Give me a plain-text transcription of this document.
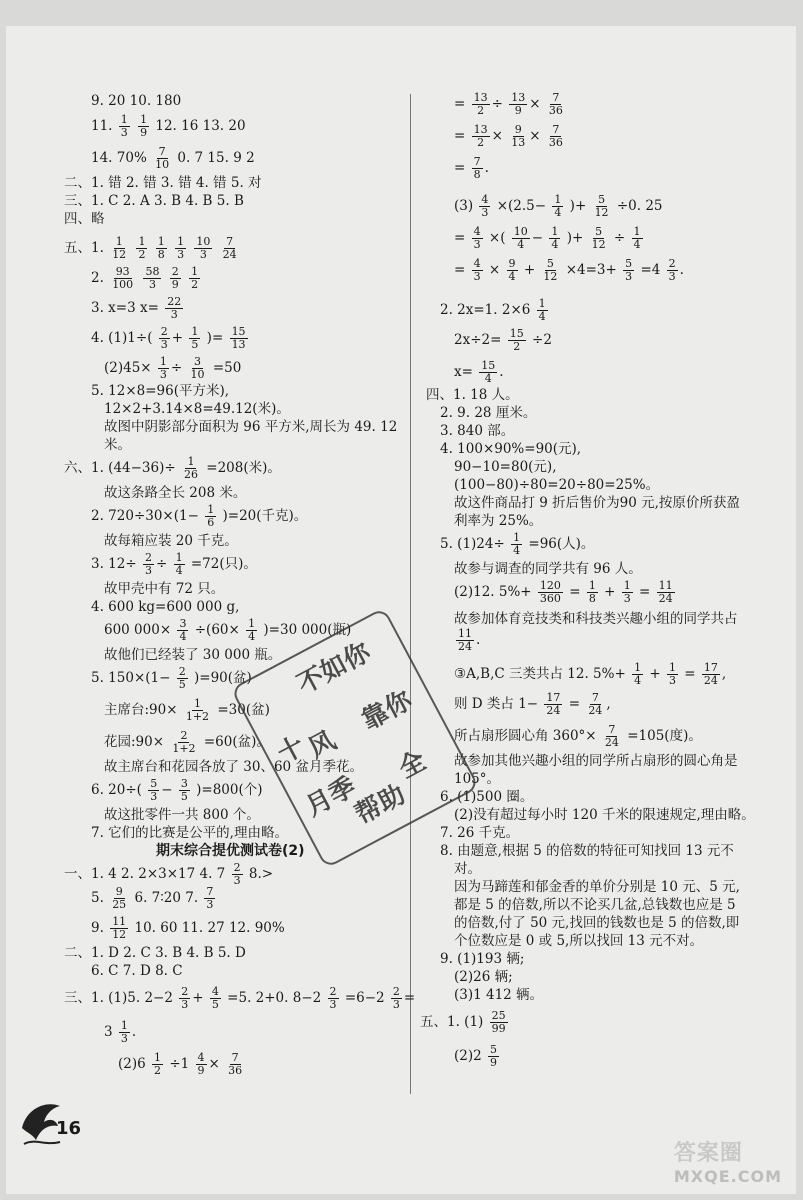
9. 20 10. 180
11. $\frac{1}{3}$
$\frac{1}{9} 12$. 16 13. 20
14. $70\% \frac{7}{10} 0$. 7 15. 9 2
二、1. 错 2. 错 3. 错 4. 错 5. 对
三、1. C 2. A 3. B 4. B 5. B
四、略
五、1. $\frac{1}{12}$
$\frac{1}{2}$
$\frac{1}{8}$
$\frac{1}{3}$
$\frac{10}{3}$
$\frac{7}{24}$
2. $\frac{93}{100}$
$\frac{58}{3}$
$\frac{2}{9}$
$\frac{1}{2}$
3. x=3 $x= \frac{22}{3}$
4. $(1)1\div( \frac{2}{3} + \frac{1}{5}$ )= $\frac{15}{13}$
$(2)45\times \frac{1}{3} \div \frac{3}{10} =50$
5. 12×8=96(平方米),
12×2+3.14×8=49.12(米)。
故图中阴影部分面积为 96 平方米,周长为 49. 12
米。
六、1. $(44-36)\div \frac{1}{26} =208$(米)。
故这条路全长 208 米。
2. $720\div 30\times(1- \frac{1}{6} )=20$(千克)。
故每箱应装 20 千克。
3. $12\div \frac{2}{3} \div \frac{1}{4} =72$(只)。
故甲壳中有 72 只。
4. 600 kg=600 000 g,
600 $000\times \frac{3}{4} \div(60\times \frac{1}{4} )=30$ 000(瓶)
故他们已经装了 30 000 瓶。
5. $150\times(1- \frac{2}{5} )=90$(盆)
主席台:90× $\frac{1}{1+2} =30$(盆)
花园:90× $\frac{2}{1+2} =60$(盆)。
故主席台和花园各放了 30、60 盆月季花。
6. $20\div( \frac{5}{3} - \frac{3}{5} )=800$(个)
故这批零件一共 800 个。
7. 它们的比赛是公平的,理由略。
期末综合提优测试卷(2)
一、1. 4 2. 2×3×17 4. $7 \frac{2}{3} 8.>$
5. $\frac{9}{25} 6$. 7∶20 7. $\frac{7}{3}$
9. $\frac{11}{12} 10$. 60 11. 27 12. 90%
二、1. D 2. C 3. B 4. B 5. D
6. C 7. D 8. C
三、1. (1)5. $2-2 \frac{2}{3} + \frac{4}{5} =5$. 2+0. $8-2 \frac{2}{3} =6-2 \frac{2}{3}$ =
$3 \frac{1}{3}$ .
$(2)6 \frac{1}{2} \div 1 \frac{4}{9} \times \frac{7}{36}$
= $\frac{13}{2} \div \frac{13}{9} \times \frac{7}{36}$
= $\frac{13}{2} \times \frac{9}{13} \times \frac{7}{36}$
= $\frac{7}{8}$ .
$(3) \frac{4}{3} \times(2.5- \frac{1}{4}$ )+ $\frac{5}{12} \div 0$. 25
= $\frac{4}{3}$ ×( $\frac{10}{4} - \frac{1}{4}$ )+ $\frac{5}{12} \div \frac{1}{4}$
= $\frac{4}{3} \times \frac{9}{4} + \frac{5}{12} \times 4=3+ \frac{5}{3} =4 \frac{2}{3}$ .
2. 2x=1. $2\times 6 \frac{1}{4}$
$2x\div 2= \frac{15}{2} \div 2$
$x= \frac{15}{4}$ .
四、1. 18 人。
2. 9. 28 厘米。
3. 840 部。
4. 100×90%=90(元),
90−10=80(元),
(100−80)÷80=20÷80=25%。
故这件商品打 9 折后售价为90 元,按原价所获盈
利率为 25%。
5. $(1)24\div \frac{1}{4} =96$(人)。
故参与调查的同学共有 96 人。
(2)12. $5\%+ \frac{120}{360} = \frac{1}{8} + \frac{1}{3} = \frac{11}{24}$
故参加体育竞技类和科技类兴趣小组的同学共占
$\frac{11}{24}$ .
③A,B,C 三类共占 12. $5\%+ \frac{1}{4} + \frac{1}{3} = \frac{17}{24}$ ,
则 D 类占 $1- \frac{17}{24} = \frac{7}{24}$ ,
所占扇形圆心角 $360^\circ\times \frac{7}{24} =105$(度)。
故参加其他兴趣小组的同学所占扇形的圆心角是
105°。
6. (1)500 圈。
(2)没有超过每小时 120 千米的限速规定,理由略。
7. 26 千克。
8. 由题意,根据 5 的倍数的特征可知找回 13 元不
对。
因为马蹄莲和郁金香的单价分别是 10 元、5 元,
都是 5 的倍数,所以不论买几盆,总钱数也应是 5
的倍数,付了 50 元,找回的钱数也是 5 的倍数,即
个位数应是 0 或 5,所以找回 13 元不对。
9. (1)193 辆;
(2)26 辆;
(3)1 412 辆。
五、1. $(1) \frac{25}{99}$
$(2)2 \frac{5}{9}$
不如你
靠你
月季
全
帮
助
十
风
16
答案圈
MXQE.COM
